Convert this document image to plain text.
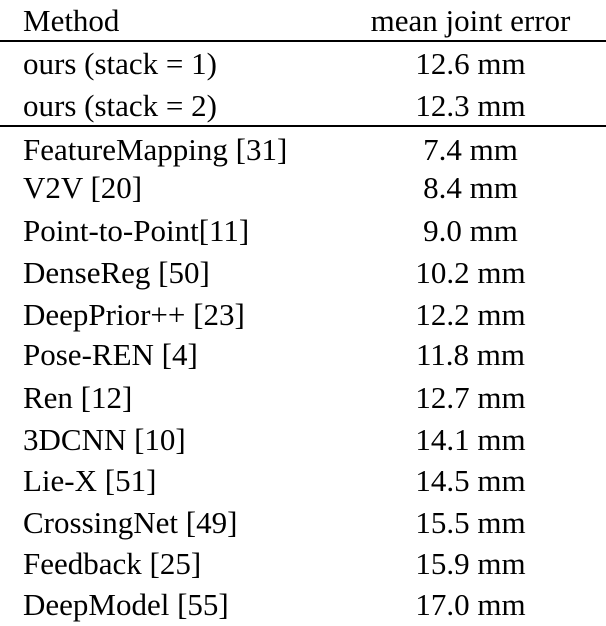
Method	mean joint error
ours (stack = 1)	12.6 mm
ours (stack = 2)	12.3 mm
FeatureMapping [31]	7.4 mm
V2V [20]	8.4 mm
Point-to-Point[11]	9.0 mm
DenseReg [50]	10.2 mm
DeepPrior++ [23]	12.2 mm
Pose-REN [4]	11.8 mm
Ren [12]	12.7 mm
3DCNN [10]	14.1 mm
Lie-X [51]	14.5 mm
CrossingNet [49]	15.5 mm
Feedback [25]	15.9 mm
DeepModel [55]	17.0 mm
